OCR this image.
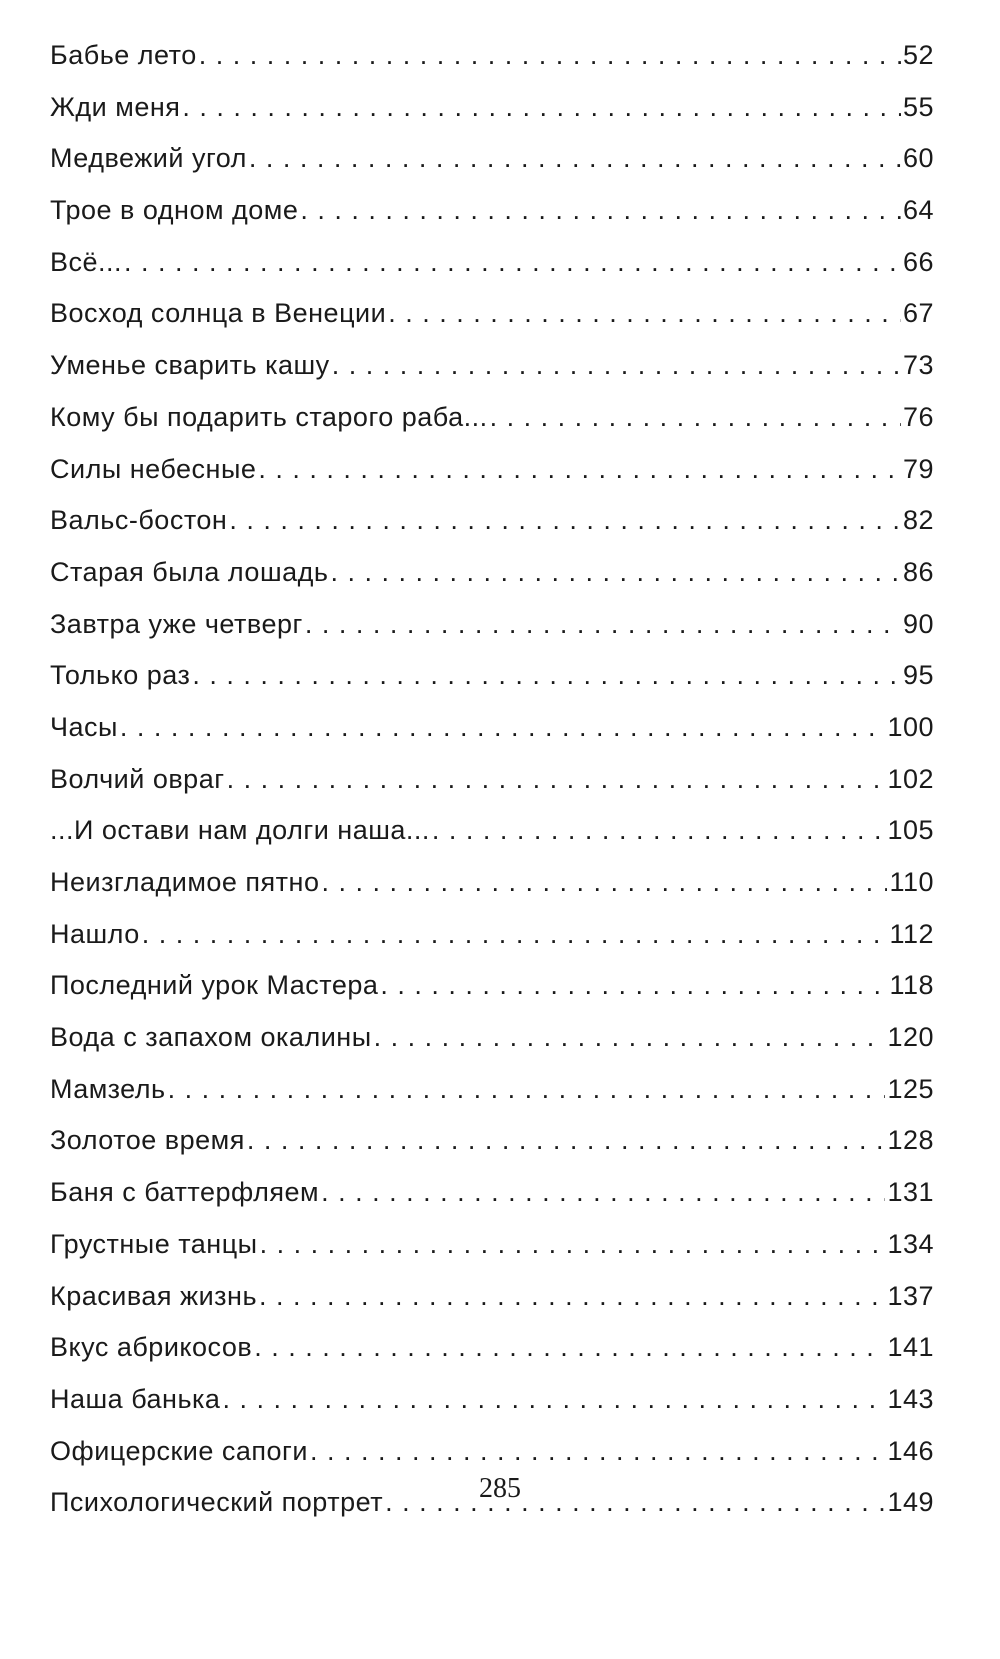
Бабье лето . . .	52
Жди меня . . .	55
Медвежий угол . . .	60
Трое в одном доме . . .	64
Всё... . . .	66
Восход солнца в Венеции . . .	67
Уменье сварить кашу . . .	73
Кому бы подарить старого раба... . . .	76
Силы небесные . . .	79
Вальс-бостон . . .	82
Старая была лошадь . . .	86
Завтра уже четверг . . .	90
Только раз . . .	95
Часы . . .	100
Волчий овраг . . .	102
...И остави нам долги наша... . . .	105
Неизгладимое пятно . . .	110
Нашло . . .	112
Последний урок Мастера . . .	118
Вода с запахом окалины . . .	120
Мамзель . . .	125
Золотое время . . .	128
Баня с баттерфляем . . .	131
Грустные танцы . . .	134
Красивая жизнь . . .	137
Вкус абрикосов . . .	141
Наша банька . . .	143
Офицерские сапоги . . .	146
Психологический портрет . . .	149
285
